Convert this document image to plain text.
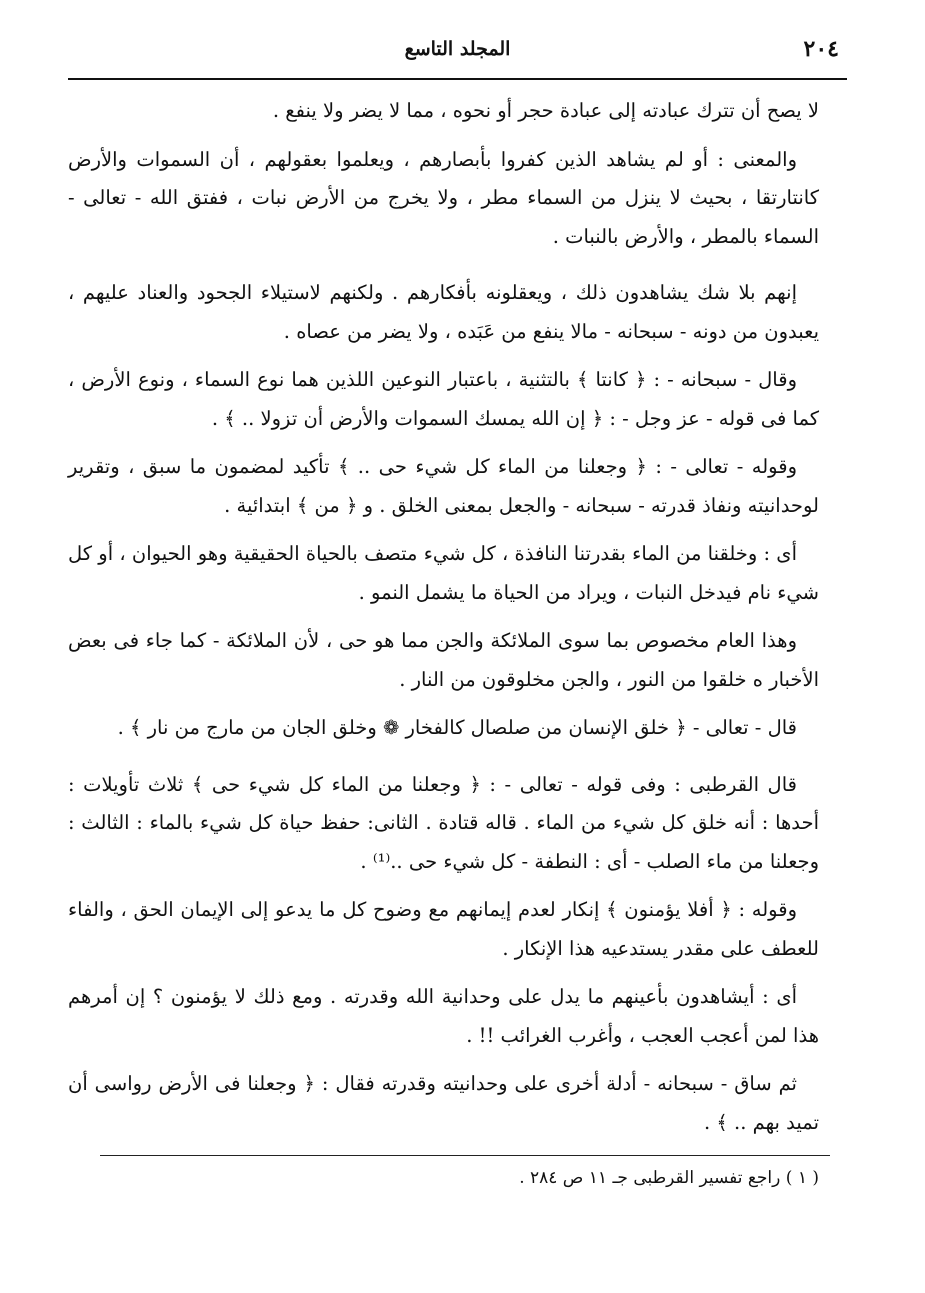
٢٠٤
المجلد التاسع

لا يصح أن تترك عبادته إلى عبادة حجر أو نحوه ، مما لا يضر ولا ينفع .

والمعنى : أو لم يشاهد الذين كفروا بأبصارهم ، ويعلموا بعقولهم ، أن السموات والأرض كانتارتقا ، بحيث لا ينزل من السماء مطر ، ولا يخرج من الأرض نبات ، ففتق الله - تعالى - السماء بالمطر ، والأرض بالنبات .

إنهم بلا شك يشاهدون ذلك ، ويعقلونه بأفكارهم . ولكنهم لاستيلاء الجحود والعناد عليهم ، يعبدون من دونه - سبحانه - مالا ينفع من عَبَده ، ولا يضر من عصاه .

وقال - سبحانه - : ﴿ كانتا ﴾ بالتثنية ، باعتبار النوعين اللذين هما نوع السماء ، ونوع الأرض ، كما فى قوله - عز وجل - : ﴿ إن الله يمسك السموات والأرض أن تزولا .. ﴾ .

وقوله - تعالى - : ﴿ وجعلنا من الماء كل شيء حى .. ﴾ تأكيد لمضمون ما سبق ، وتقرير لوحدانيته ونفاذ قدرته - سبحانه - والجعل بمعنى الخلق . و ﴿ من ﴾ ابتدائية .

أى : وخلقنا من الماء بقدرتنا النافذة ، كل شيء متصف بالحياة الحقيقية وهو الحيوان ، أو كل شيء نام فيدخل النبات ، ويراد من الحياة ما يشمل النمو .

وهذا العام مخصوص بما سوى الملائكة والجن مما هو حى ، لأن الملائكة - كما جاء فى بعض الأخبار ه خلقوا من النور ، والجن مخلوقون من النار .

قال - تعالى - ﴿ خلق الإنسان من صلصال كالفخار ❁ وخلق الجان من مارج من نار ﴾ .

قال القرطبى : وفى قوله - تعالى - : ﴿ وجعلنا من الماء كل شيء حى ﴾ ثلاث تأويلات : أحدها : أنه خلق كل شيء من الماء . قاله قتادة . الثانى: حفظ حياة كل شيء بالماء : الثالث : وجعلنا من ماء الصلب - أى : النطفة - كل شيء حى ..⁽¹⁾ .

وقوله : ﴿ أفلا يؤمنون ﴾ إنكار لعدم إيمانهم مع وضوح كل ما يدعو إلى الإيمان الحق ، والفاء للعطف على مقدر يستدعيه هذا الإنكار .

أى : أيشاهدون بأعينهم ما يدل على وحدانية الله وقدرته . ومع ذلك لا يؤمنون ؟ إن أمرهم هذا لمن أعجب العجب ، وأغرب الغرائب !! .

ثم ساق - سبحانه - أدلة أخرى على وحدانيته وقدرته فقال : ﴿ وجعلنا فى الأرض رواسى أن تميد بهم .. ﴾ .

( ١ ) راجع تفسير القرطبى جـ ١١ ص ٢٨٤ .
